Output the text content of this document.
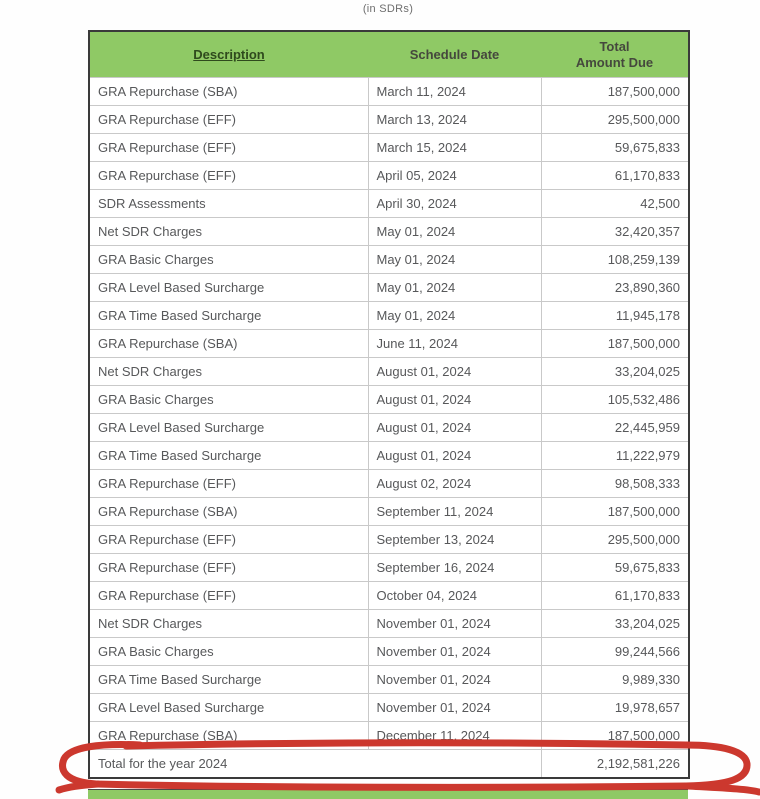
(in SDRs)
Description	Schedule Date	Total
Amount Due

GRA Repurchase (SBA)	March 11, 2024	187,500,000
GRA Repurchase (EFF)	March 13, 2024	295,500,000
GRA Repurchase (EFF)	March 15, 2024	59,675,833
GRA Repurchase (EFF)	April 05, 2024	61,170,833
SDR Assessments	April 30, 2024	42,500
Net SDR Charges	May 01, 2024	32,420,357
GRA Basic Charges	May 01, 2024	108,259,139
GRA Level Based Surcharge	May 01, 2024	23,890,360
GRA Time Based Surcharge	May 01, 2024	11,945,178
GRA Repurchase (SBA)	June 11, 2024	187,500,000
Net SDR Charges	August 01, 2024	33,204,025
GRA Basic Charges	August 01, 2024	105,532,486
GRA Level Based Surcharge	August 01, 2024	22,445,959
GRA Time Based Surcharge	August 01, 2024	11,222,979
GRA Repurchase (EFF)	August 02, 2024	98,508,333
GRA Repurchase (SBA)	September 11, 2024	187,500,000
GRA Repurchase (EFF)	September 13, 2024	295,500,000
GRA Repurchase (EFF)	September 16, 2024	59,675,833
GRA Repurchase (EFF)	October 04, 2024	61,170,833
Net SDR Charges	November 01, 2024	33,204,025
GRA Basic Charges	November 01, 2024	99,244,566
GRA Time Based Surcharge	November 01, 2024	9,989,330
GRA Level Based Surcharge	November 01, 2024	19,978,657
GRA Repurchase (SBA)	December 11, 2024	187,500,000
Total for the year 2024		2,192,581,226
